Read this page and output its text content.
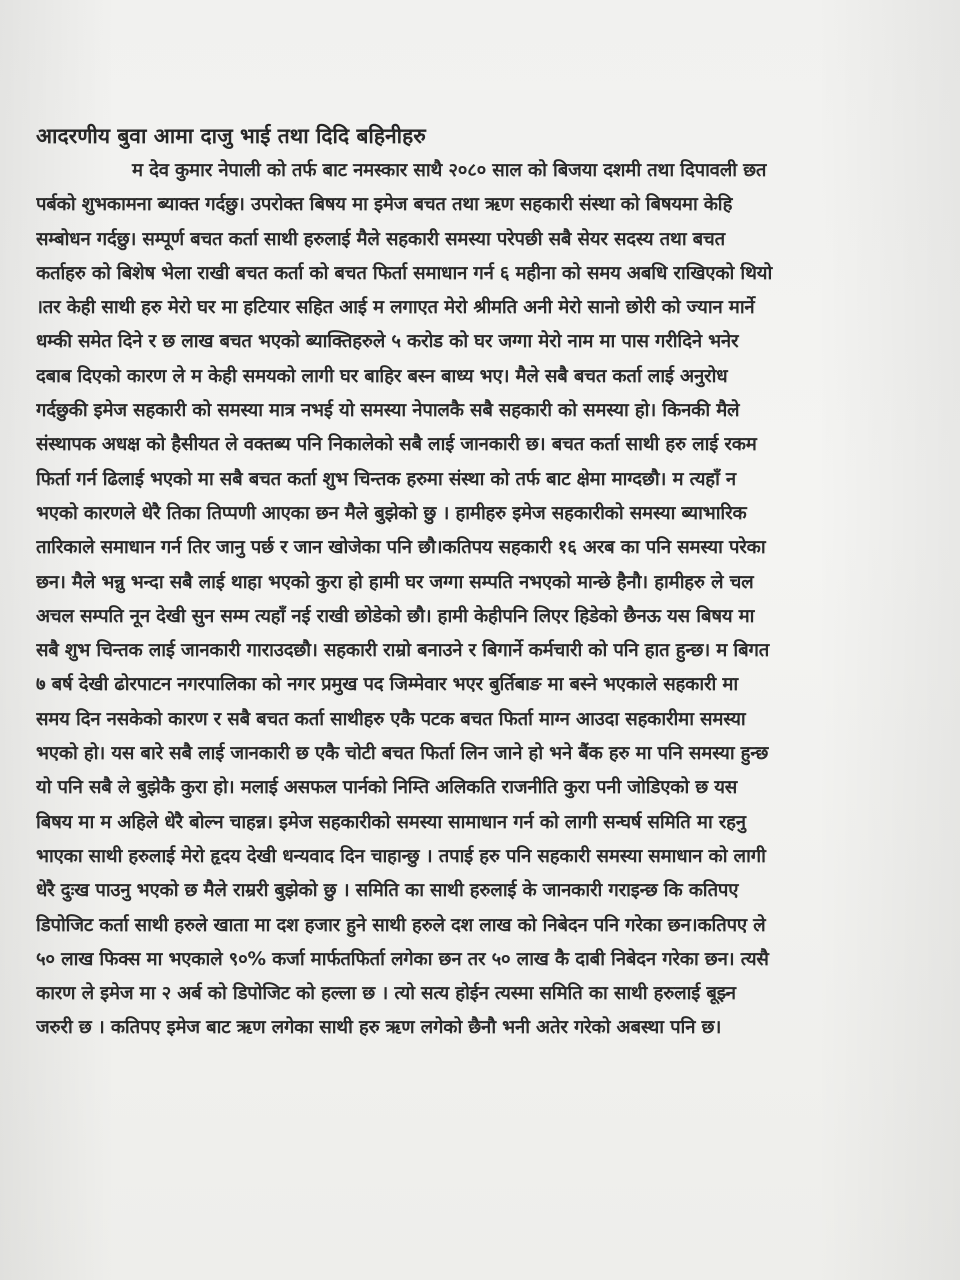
आदरणीय बुवा आमा दाजु भाई तथा दिदि बहिनीहरु
म देव कुमार नेपाली को तर्फ बाट नमस्कार साथै २०८० साल को बिजया दशमी तथा दिपावली छत
पर्बको शुभकामना ब्याक्त गर्दछु। उपरोक्त बिषय मा इमेज बचत तथा ऋण सहकारी संस्था को बिषयमा केहि
सम्बोधन गर्दछु। सम्पूर्ण बचत कर्ता साथी हरुलाई मैले सहकारी समस्या परेपछी सबै सेयर सदस्य तथा बचत
कर्ताहरु को बिशेष भेला राखी बचत कर्ता को बचत फिर्ता समाधान गर्न ६ महीना को समय अबधि राखिएको थियो
।तर केही साथी हरु मेरो घर मा हटियार सहित आई म लगाएत मेरो श्रीमति अनी मेरो सानो छोरी को ज्यान मार्ने
धम्की समेत दिने र छ लाख बचत भएको ब्याक्तिहरुले ५ करोड को घर जग्गा मेरो नाम मा पास गरीदिने भनेर
दबाब दिएको कारण ले म केही समयको लागी घर बाहिर बस्न बाध्य भए। मैले सबै बचत कर्ता लाई अनुरोध
गर्दछुकी इमेज सहकारी को समस्या मात्र नभई यो समस्या नेपालकै सबै सहकारी को समस्या हो। किनकी मैले
संस्थापक अधक्ष को हैसीयत ले वक्तब्य पनि निकालेको सबै लाई जानकारी छ। बचत कर्ता साथी हरु लाई रकम
फिर्ता गर्न ढिलाई भएको मा सबै बचत कर्ता शुभ चिन्तक हरुमा संस्था को तर्फ बाट क्षेमा माग्दछौ। म त्यहाँ न
भएको कारणले धेरै तिका तिप्पणी आएका छन मैले बुझेको छु । हामीहरु इमेज सहकारीको समस्या ब्याभारिक
तारिकाले समाधान गर्न तिर जानु पर्छ र जान खोजेका पनि छौ।कतिपय सहकारी १६ अरब का पनि समस्या परेका
छन। मैले भन्नु भन्दा सबै लाई थाहा भएको कुरा हो हामी घर जग्गा सम्पति नभएको मान्छे हैनौ। हामीहरु ले चल
अचल सम्पति नून देखी सुन सम्म त्यहाँ नई राखी छोडेको छौ। हामी केहीपनि लिएर हिडेको छैनऊ यस बिषय मा
सबै शुभ चिन्तक लाई जानकारी गाराउदछौ। सहकारी राम्रो बनाउने र बिगार्ने कर्मचारी को पनि हात हुन्छ। म बिगत
७ बर्ष देखी ढोरपाटन नगरपालिका को नगर प्रमुख पद जिम्मेवार भएर बुर्तिबाङ मा बस्ने भएकाले सहकारी मा
समय दिन नसकेको कारण र सबै बचत कर्ता साथीहरु एकै पटक बचत फिर्ता माग्न आउदा सहकारीमा समस्या
भएको हो। यस बारे सबै लाई जानकारी छ एकै चोटी बचत फिर्ता लिन जाने हो भने बैंक हरु मा पनि समस्या हुन्छ
यो पनि सबै ले बुझेकै कुरा हो। मलाई असफल पार्नको निम्ति अलिकति राजनीति कुरा पनी जोडिएको छ यस
बिषय मा म अहिले धेरै बोल्न चाहन्न। इमेज सहकारीको समस्या सामाधान गर्न को लागी सन्घर्ष समिति मा रहनु
भाएका साथी हरुलाई मेरो हृदय देखी धन्यवाद दिन चाहान्छु । तपाई हरु पनि सहकारी समस्या समाधान को लागी
धेरै दुःख पाउनु भएको छ मैले राम्ररी बुझेको छु । समिति का साथी हरुलाई के जानकारी गराइन्छ कि कतिपए
डिपोजिट कर्ता साथी हरुले खाता मा दश हजार हुने साथी हरुले दश लाख को निबेदन पनि गरेका छन।कतिपए ले
५० लाख फिक्स मा भएकाले ९०% कर्जा मार्फतफिर्ता लगेका छन तर ५० लाख कै दाबी निबेदन गरेका छन। त्यसै
कारण ले इमेज मा २ अर्ब को डिपोजिट को हल्ला छ । त्यो सत्य होईन त्यस्मा समिति का साथी हरुलाई बूझ्न
जरुरी छ । कतिपए इमेज बाट ऋण लगेका साथी हरु ऋण लगेको छैनौ भनी अतेर गरेको अबस्था पनि छ।
